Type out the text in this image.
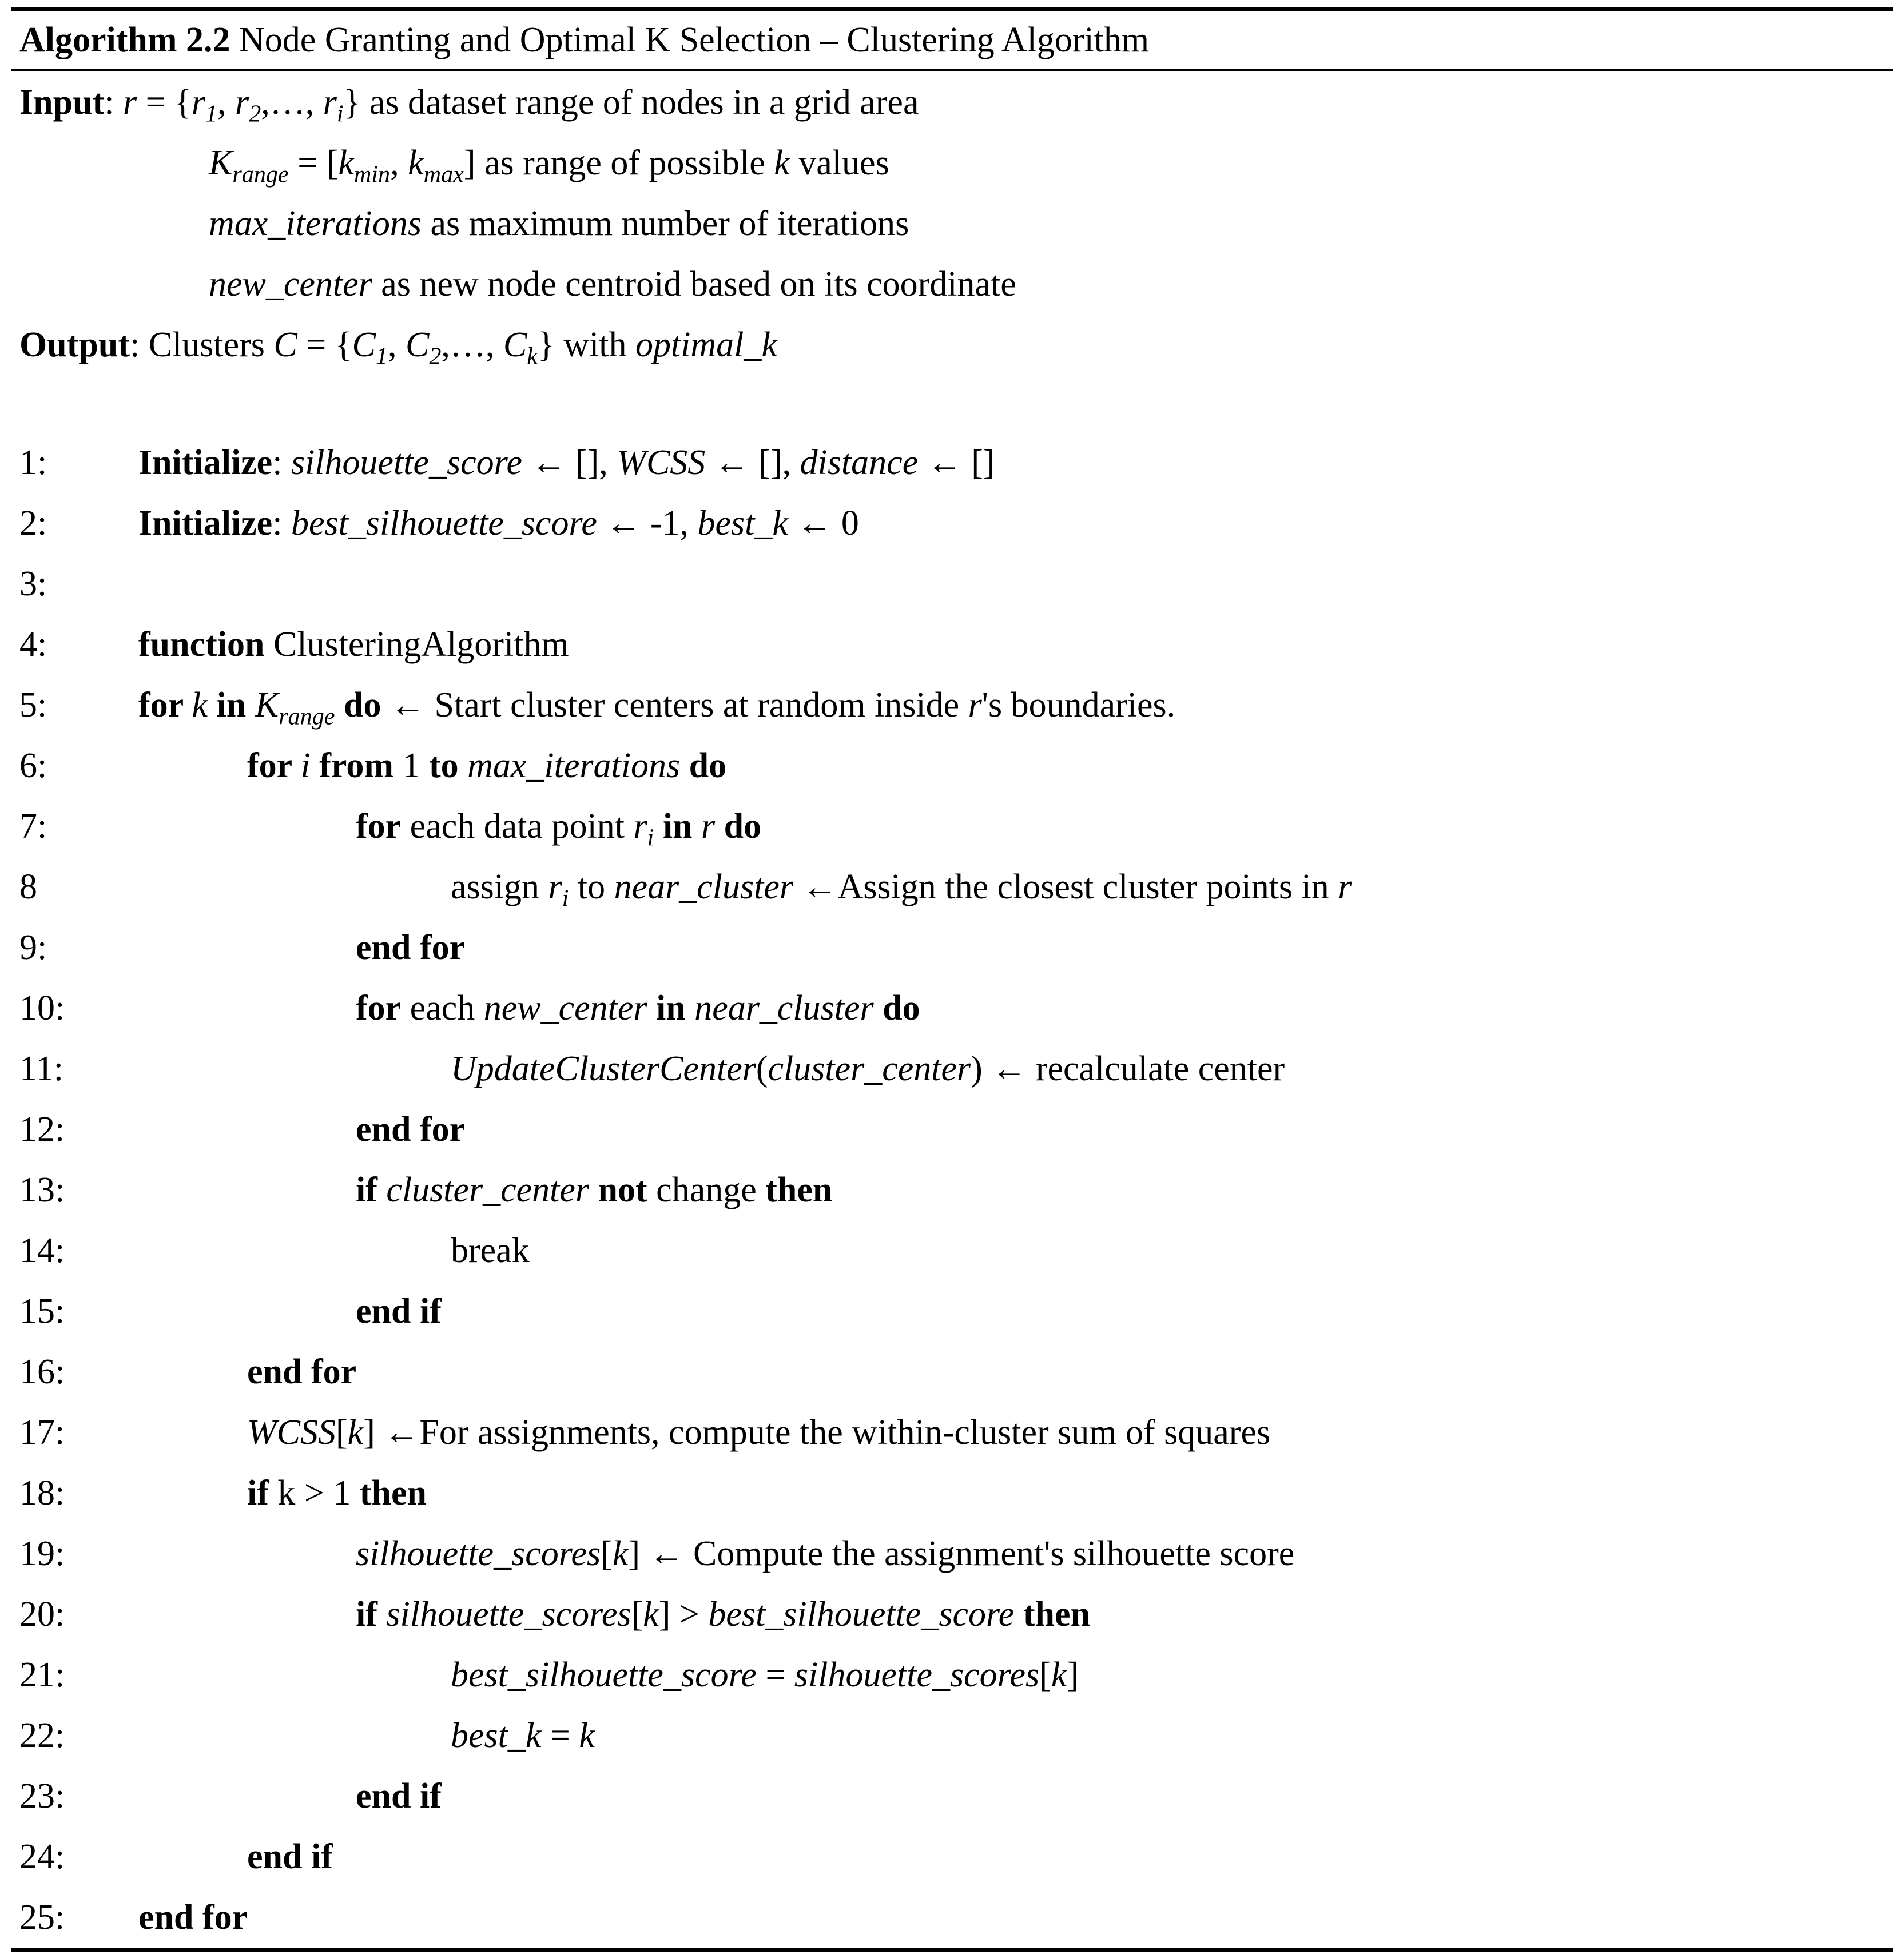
Algorithm 2.2 Node Granting and Optimal K Selection – Clustering Algorithm
Input: $r = \{r_1$, $r_2,\dots$, $r_i$} as dataset range of nodes in a grid area
$K_{range} = [k_{min}$, $k_{max}$] as range of possible k values
max_iterations as maximum number of iterations
new_center as new node centroid based on its coordinate
Output: Clusters $C = \{C_1$, $C_2,\dots$, $C_k$} with optimal_k
1:	Initialize: silhouette_score ← [], WCSS ← [], distance ← []
2:	Initialize: best_silhouette_score ← -1, best_k ← 0
3:
4:	function ClusteringAlgorithm
5:	for k in $K_{range}$ do ← Start cluster centers at random inside r's boundaries.
6:	for i from 1 to max_iterations do
7:	for each data point $r_i$ in r do
8	assign $r_i$ to near_cluster ←Assign the closest cluster points in r
9:	end for
10:	for each new_center in near_cluster do
11:	UpdateClusterCenter(cluster_center) ← recalculate center
12:	end for
13:	if cluster_center not change then
14:	break
15:	end if
16:	end for
17:	WCSS[k] ←For assignments, compute the within-cluster sum of squares
18:	if k > 1 then
19:	silhouette_scores[k] ← Compute the assignment's silhouette score
20:	if silhouette_scores[k] > best_silhouette_score then
21:	best_silhouette_score = silhouette_scores[k]
22:	best_k = k
23:	end if
24:	end if
25:	end for
